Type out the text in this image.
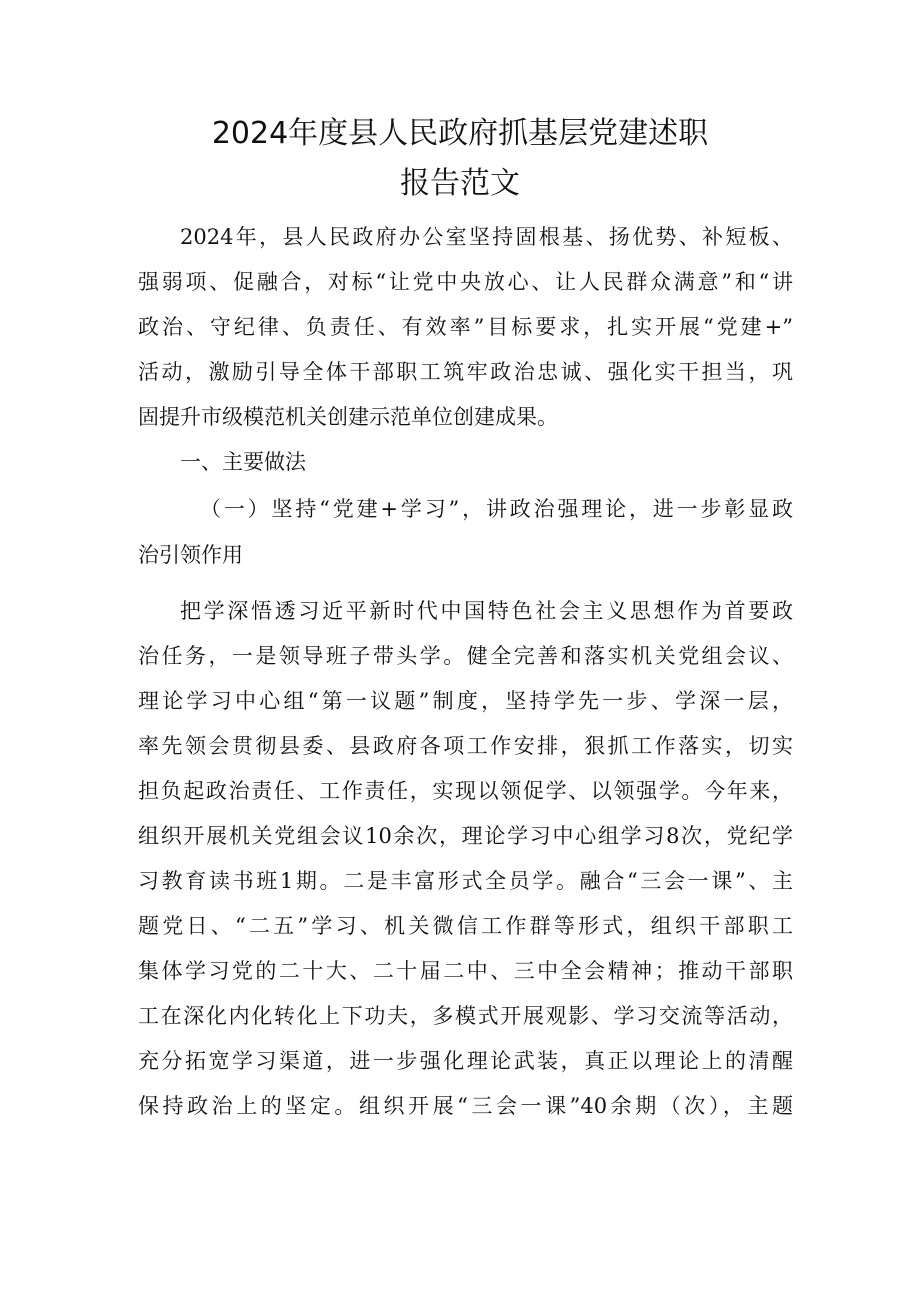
2024年度县人民政府抓基层党建述职
报告范文
2024年，县人民政府办公室坚持固根基、扬优势、补短板、
强弱项、促融合，对标“让党中央放心、让人民群众满意”和“讲
政治、守纪律、负责任、有效率”目标要求，扎实开展“党建+”
活动，激励引导全体干部职工筑牢政治忠诚、强化实干担当，巩
固提升市级模范机关创建示范单位创建成果。
一、主要做法
（一）坚持“党建+学习”，讲政治强理论，进一步彰显政
治引领作用
把学深悟透习近平新时代中国特色社会主义思想作为首要政
治任务，一是领导班子带头学。健全完善和落实机关党组会议、
理论学习中心组“第一议题”制度，坚持学先一步、学深一层，
率先领会贯彻县委、县政府各项工作安排，狠抓工作落实，切实
担负起政治责任、工作责任，实现以领促学、以领强学。今年来，
组织开展机关党组会议10余次，理论学习中心组学习8次，党纪学
习教育读书班1期。二是丰富形式全员学。融合“三会一课”、主
题党日、“二五”学习、机关微信工作群等形式，组织干部职工
集体学习党的二十大、二十届二中、三中全会精神；推动干部职
工在深化内化转化上下功夫，多模式开展观影、学习交流等活动，
充分拓宽学习渠道，进一步强化理论武装，真正以理论上的清醒
保持政治上的坚定。组织开展“三会一课”40余期（次），主题
